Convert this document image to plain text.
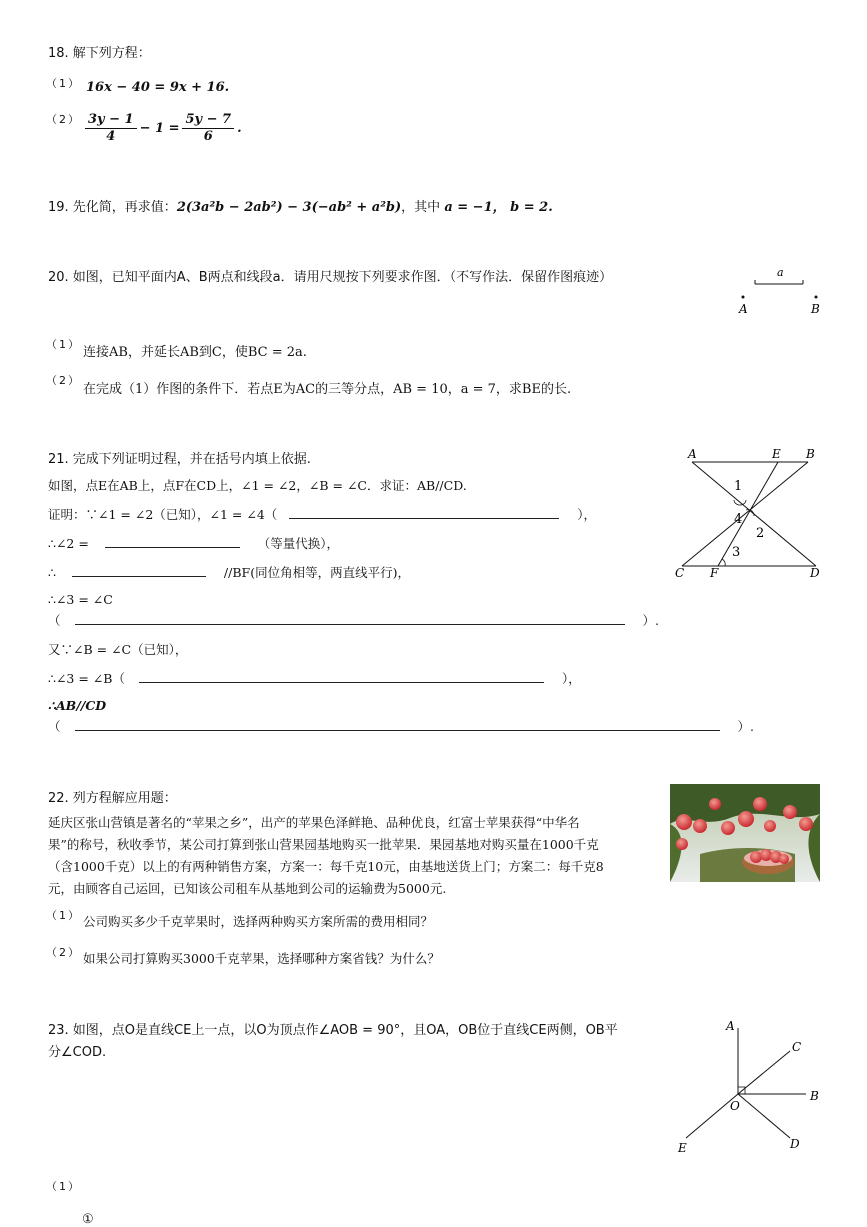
18. 解下列方程：
（1） 16x − 40 = 9x + 16.
$(2) \frac{3y - 1}{4} - 1 = \frac{5y - 7}{6}$ .
19. 先化简，再求值：2(3a²b − 2ab²) − 3(−ab² + a²b)，其中 a = −1， b = 2.
20. 如图，已知平面内A、B两点和线段a．请用尺规按下列要求作图．（不写作法．保留作图痕迹）	a
A	B
（1）
连接AB，并延长AB到C，使BC = 2a.
（2）
在完成（1）作图的条件下．若点E为AC的三等分点，AB = 10，a = 7，求BE的长.
21. 完成下列证明过程，并在括号内填上依据.
如图，点E在AB上，点F在CD上，∠1 = ∠2，∠B = ∠C．求证：AB//CD.
证明：∵∠1 = ∠2（已知），∠1 = ∠4（	），
∴∠2 =	（等量代换），
∴	//BF(同位角相等，两直线平行)，
∴∠3 = ∠C
（	）.
又∵∠B = ∠C（已知），
∴∠3 = ∠B（	），
∴AB//CD
（	）.
A	E B
C F	D
1
4
2
3
22. 列方程解应用题：
延庆区张山营镇是著名的“苹果之乡”，出产的苹果色泽鲜艳、品种优良，红富士苹果获得“中华名
果”的称号，秋收季节，某公司打算到张山营果园基地购买一批苹果．果园基地对购买量在1000千克
（含1000千克）以上的有两种销售方案，方案一：每千克10元，由基地送货上门；方案二：每千克8
元，由顾客自己运回，已知该公司租车从基地到公司的运输费为5000元.
（1） 公司购买多少千克苹果时，选择两种购买方案所需的费用相同？
（2） 如果公司打算购买3000千克苹果，选择哪种方案省钱？为什么？
23. 如图，点O是直线CE上一点，以O为顶点作∠AOB = 90°，且OA，OB位于直线CE两侧，OB平
分∠COD.
A
C
B
O
E	D
（1）
①
